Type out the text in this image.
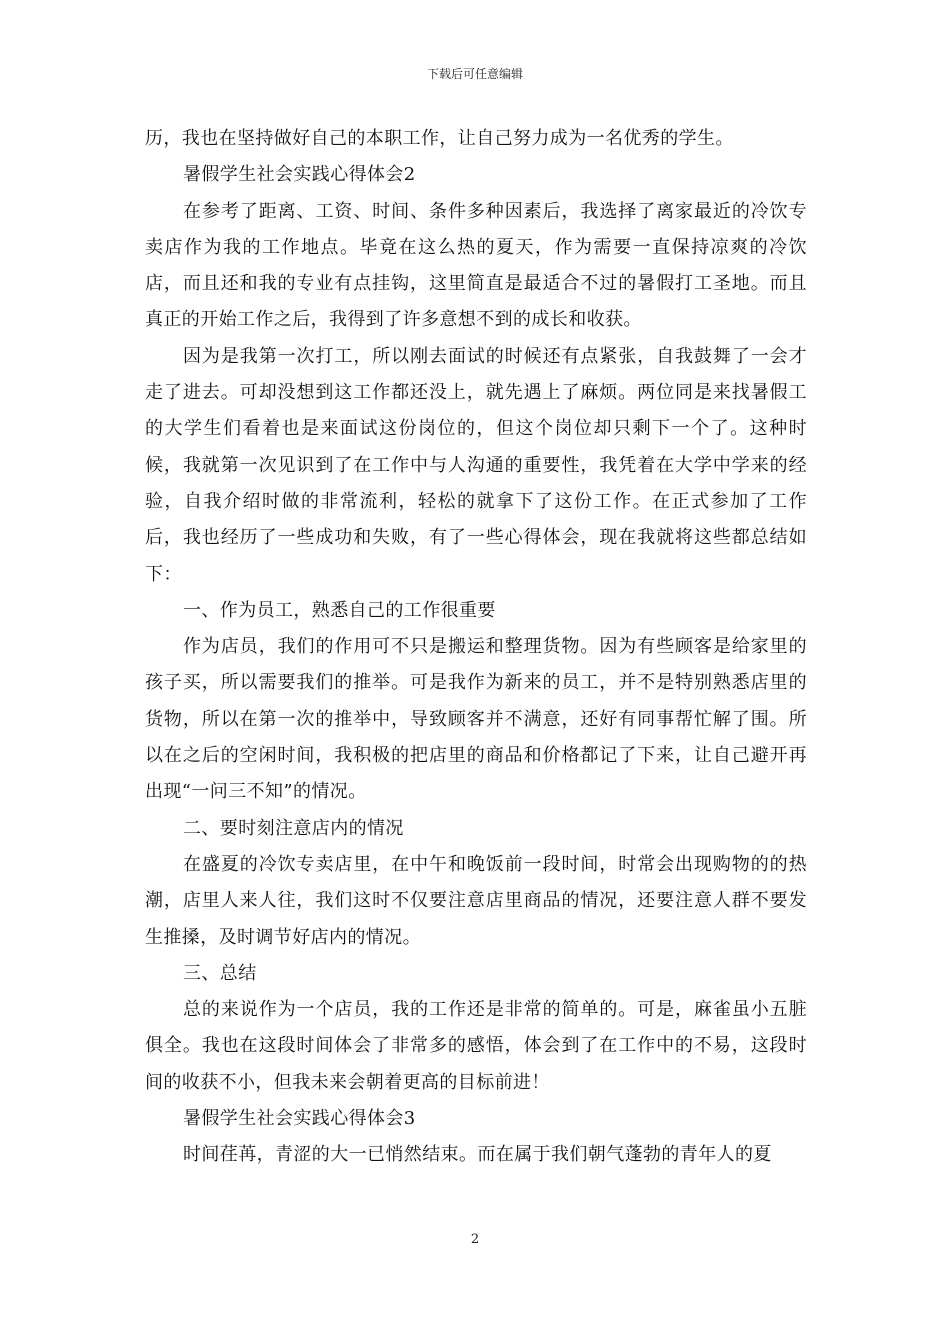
下载后可任意编辑

历，我也在坚持做好自己的本职工作，让自己努力成为一名优秀的学生。

暑假学生社会实践心得体会2

在参考了距离、工资、时间、条件多种因素后，我选择了离家最近的冷饮专卖店作为我的工作地点。毕竟在这么热的夏天，作为需要一直保持凉爽的冷饮店，而且还和我的专业有点挂钩，这里简直是最适合不过的暑假打工圣地。而且真正的开始工作之后，我得到了许多意想不到的成长和收获。

因为是我第一次打工，所以刚去面试的时候还有点紧张，自我鼓舞了一会才走了进去。可却没想到这工作都还没上，就先遇上了麻烦。两位同是来找暑假工的大学生们看着也是来面试这份岗位的，但这个岗位却只剩下一个了。这种时候，我就第一次见识到了在工作中与人沟通的重要性，我凭着在大学中学来的经验，自我介绍时做的非常流利，轻松的就拿下了这份工作。在正式参加了工作后，我也经历了一些成功和失败，有了一些心得体会，现在我就将这些都总结如下：

一、作为员工，熟悉自己的工作很重要

作为店员，我们的作用可不只是搬运和整理货物。因为有些顾客是给家里的孩子买，所以需要我们的推举。可是我作为新来的员工，并不是特别熟悉店里的货物，所以在第一次的推举中，导致顾客并不满意，还好有同事帮忙解了围。所以在之后的空闲时间，我积极的把店里的商品和价格都记了下来，让自己避开再出现“一问三不知”的情况。

二、要时刻注意店内的情况

在盛夏的冷饮专卖店里，在中午和晚饭前一段时间，时常会出现购物的的热潮，店里人来人往，我们这时不仅要注意店里商品的情况，还要注意人群不要发生推搡，及时调节好店内的情况。

三、总结

总的来说作为一个店员，我的工作还是非常的简单的。可是，麻雀虽小五脏俱全。我也在这段时间体会了非常多的感悟，体会到了在工作中的不易，这段时间的收获不小，但我未来会朝着更高的目标前进！

暑假学生社会实践心得体会3

时间荏苒，青涩的大一已悄然结束。而在属于我们朝气蓬勃的青年人的夏

2
